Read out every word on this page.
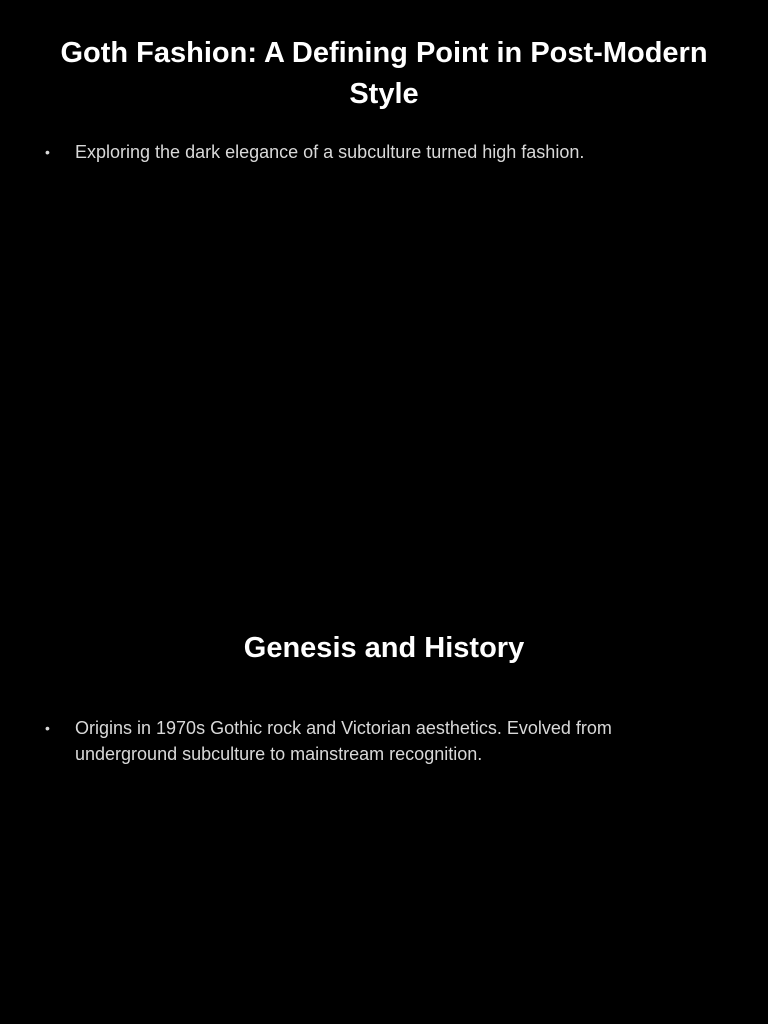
Goth Fashion: A Defining Point in Post-Modern Style
•	Exploring the dark elegance of a subculture turned high fashion.
Genesis and History
•	Origins in 1970s Gothic rock and Victorian aesthetics. Evolved from underground subculture to mainstream recognition.
